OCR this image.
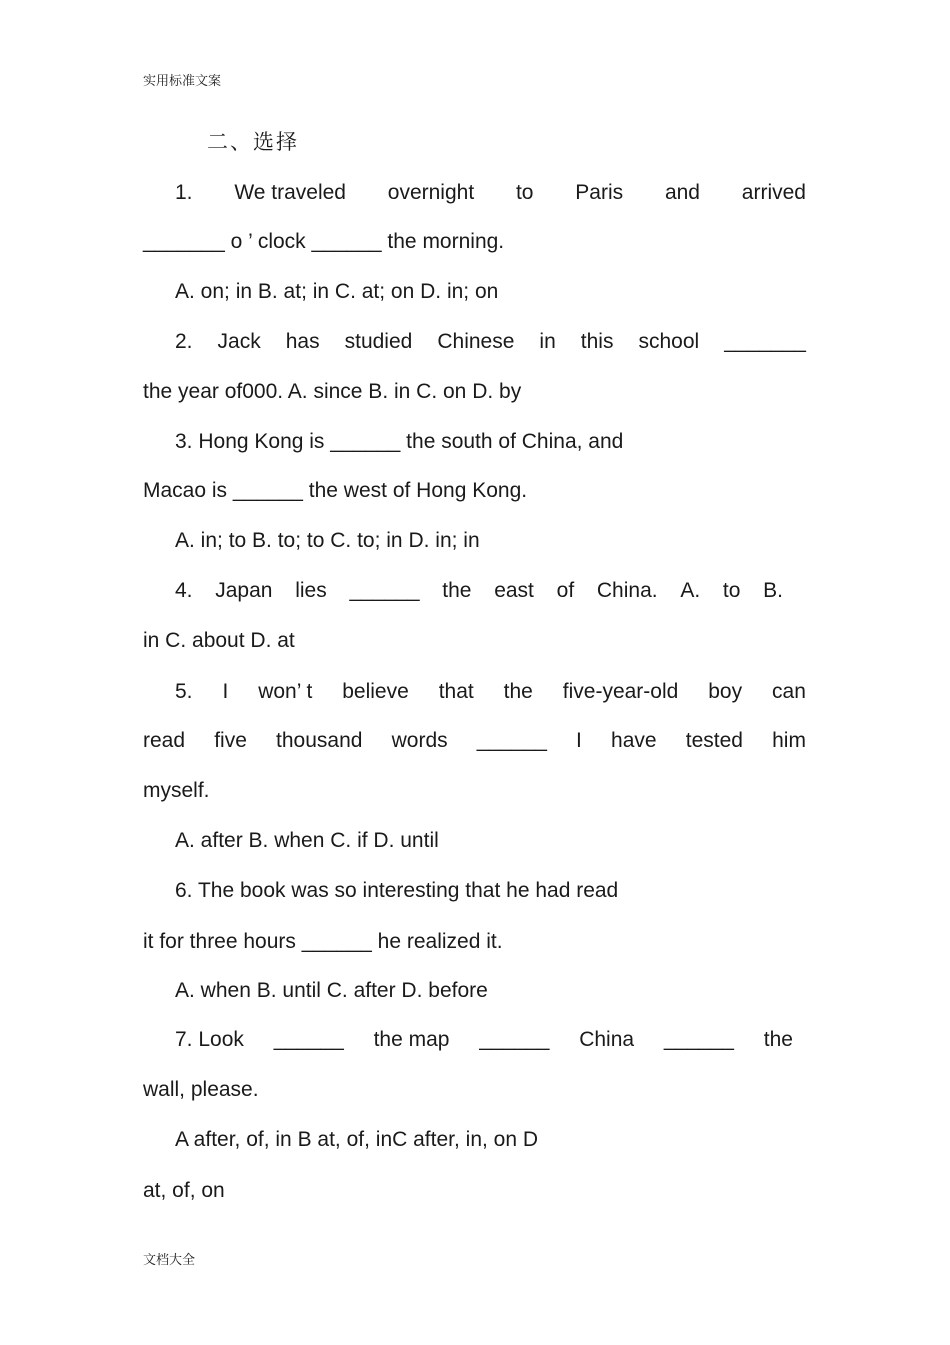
实用标准文案
二、选择
1. We traveled overnight to Paris and arrived
_______ o ’ clock ______ the morning.
A. on; in B. at; in C. at; on D. in; on
2. Jack has studied Chinese in this school _______
the year of000. A. since B. in C. on D. by
3. Hong Kong is ______ the south of China, and
Macao is ______ the west of Hong Kong.
A. in; to B. to; to C. to; in D. in; in
4. Japan lies ______ the east of China. A. to B.
in C. about D. at
5. I won’ t believe that the five-year-old boy can
read five thousand words ______ I have tested him
myself.
A. after B. when C. if D. until
6. The book was so interesting that he had read
it for three hours ______ he realized it.
A. when B. until C. after D. before
7. Look ______ the map ______ China ______ the
wall, please.
A after, of, in B at, of, inC after, in, on D
at, of, on
文档大全
